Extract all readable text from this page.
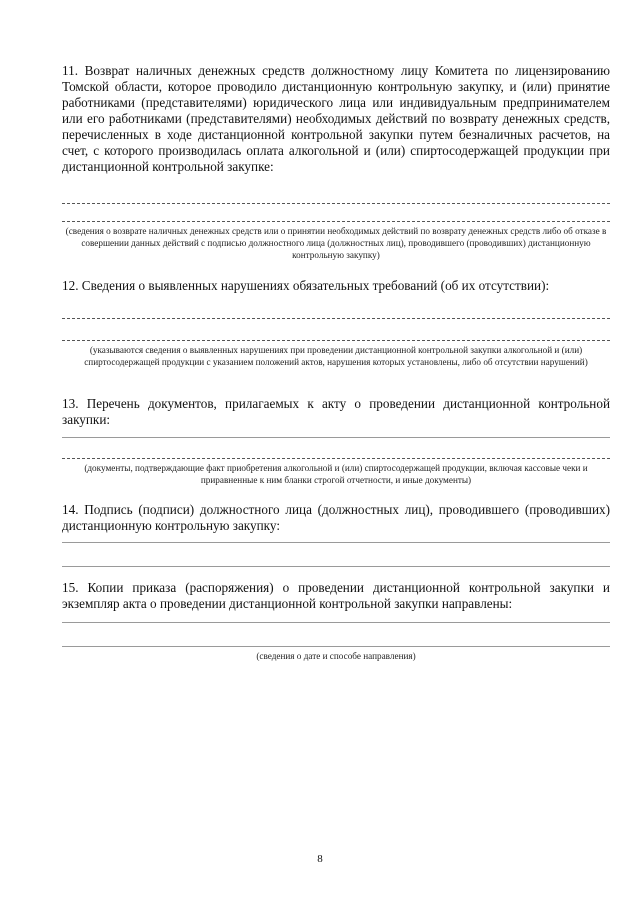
11. Возврат наличных денежных средств должностному лицу Комитета по лицензированию Томской области, которое проводило дистанционную контрольную закупку, и (или) принятие работниками (представителями) юридического лица или индивидуальным предпринимателем или его работниками (представителями) необходимых действий по возврату денежных средств, перечисленных в ходе дистанционной контрольной закупки путем безналичных расчетов, на счет, с которого производилась оплата алкогольной и (или) спиртосодержащей продукции при дистанционной контрольной закупке:

(сведения о возврате наличных денежных средств или о принятии необходимых действий по возврату денежных средств либо об отказе в совершении данных действий с подписью должностного лица (должностных лиц), проводившего (проводивших) дистанционную контрольную закупку)

12. Сведения о выявленных нарушениях обязательных требований (об их отсутствии):

(указываются сведения о выявленных нарушениях при проведении дистанционной контрольной закупки алкогольной и (или) спиртосодержащей продукции с указанием положений актов, нарушения которых установлены, либо об отсутствии нарушений)

13. Перечень документов, прилагаемых к акту о проведении дистанционной контрольной закупки:

(документы, подтверждающие факт приобретения алкогольной и (или) спиртосодержащей продукции, включая кассовые чеки и приравненные к ним бланки строгой отчетности, и иные документы)

14. Подпись (подписи) должностного лица (должностных лиц), проводившего (проводивших) дистанционную контрольную закупку:

15. Копии приказа (распоряжения) о проведении дистанционной контрольной закупки и экземпляр акта о проведении дистанционной контрольной закупки направлены:

(сведения о дате и способе направления)
8
